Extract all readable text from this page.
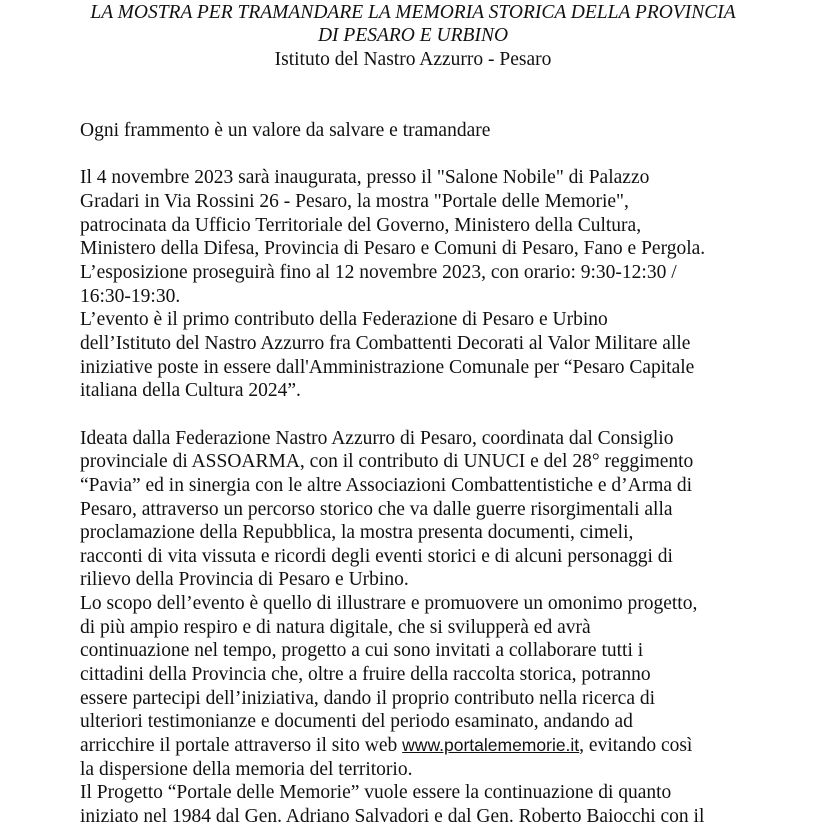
LA MOSTRA PER TRAMANDARE LA MEMORIA STORICA DELLA PROVINCIA
DI PESARO E URBINO
Istituto del Nastro Azzurro - Pesaro
Ogni frammento è un valore da salvare e tramandare
Il 4 novembre 2023 sarà inaugurata, presso il "Salone Nobile" di Palazzo
Gradari in Via Rossini 26 - Pesaro, la mostra "Portale delle Memorie",
patrocinata da Ufficio Territoriale del Governo, Ministero della Cultura,
Ministero della Difesa, Provincia di Pesaro e Comuni di Pesaro, Fano e Pergola.
L’esposizione proseguirà fino al 12 novembre 2023, con orario: 9:30-12:30 /
16:30-19:30.
L’evento è il primo contributo della Federazione di Pesaro e Urbino
dell’Istituto del Nastro Azzurro fra Combattenti Decorati al Valor Militare alle
iniziative poste in essere dall'Amministrazione Comunale per “Pesaro Capitale
italiana della Cultura 2024”.
Ideata dalla Federazione Nastro Azzurro di Pesaro, coordinata dal Consiglio
provinciale di ASSOARMA, con il contributo di UNUCI e del 28° reggimento
“Pavia” ed in sinergia con le altre Associazioni Combattentistiche e d’Arma di
Pesaro, attraverso un percorso storico che va dalle guerre risorgimentali alla
proclamazione della Repubblica, la mostra presenta documenti, cimeli,
racconti di vita vissuta e ricordi degli eventi storici e di alcuni personaggi di
rilievo della Provincia di Pesaro e Urbino.
Lo scopo dell’evento è quello di illustrare e promuovere un omonimo progetto,
di più ampio respiro e di natura digitale, che si svilupperà ed avrà
continuazione nel tempo, progetto a cui sono invitati a collaborare tutti i
cittadini della Provincia che, oltre a fruire della raccolta storica, potranno
essere partecipi dell’iniziativa, dando il proprio contributo nella ricerca di
ulteriori testimonianze e documenti del periodo esaminato, andando ad
arricchire il portale attraverso il sito web www.portalememorie.it, evitando così
la dispersione della memoria del territorio.
Il Progetto “Portale delle Memorie” vuole essere la continuazione di quanto
iniziato nel 1984 dal Gen. Adriano Salvadori e dal Gen. Roberto Baiocchi con il
